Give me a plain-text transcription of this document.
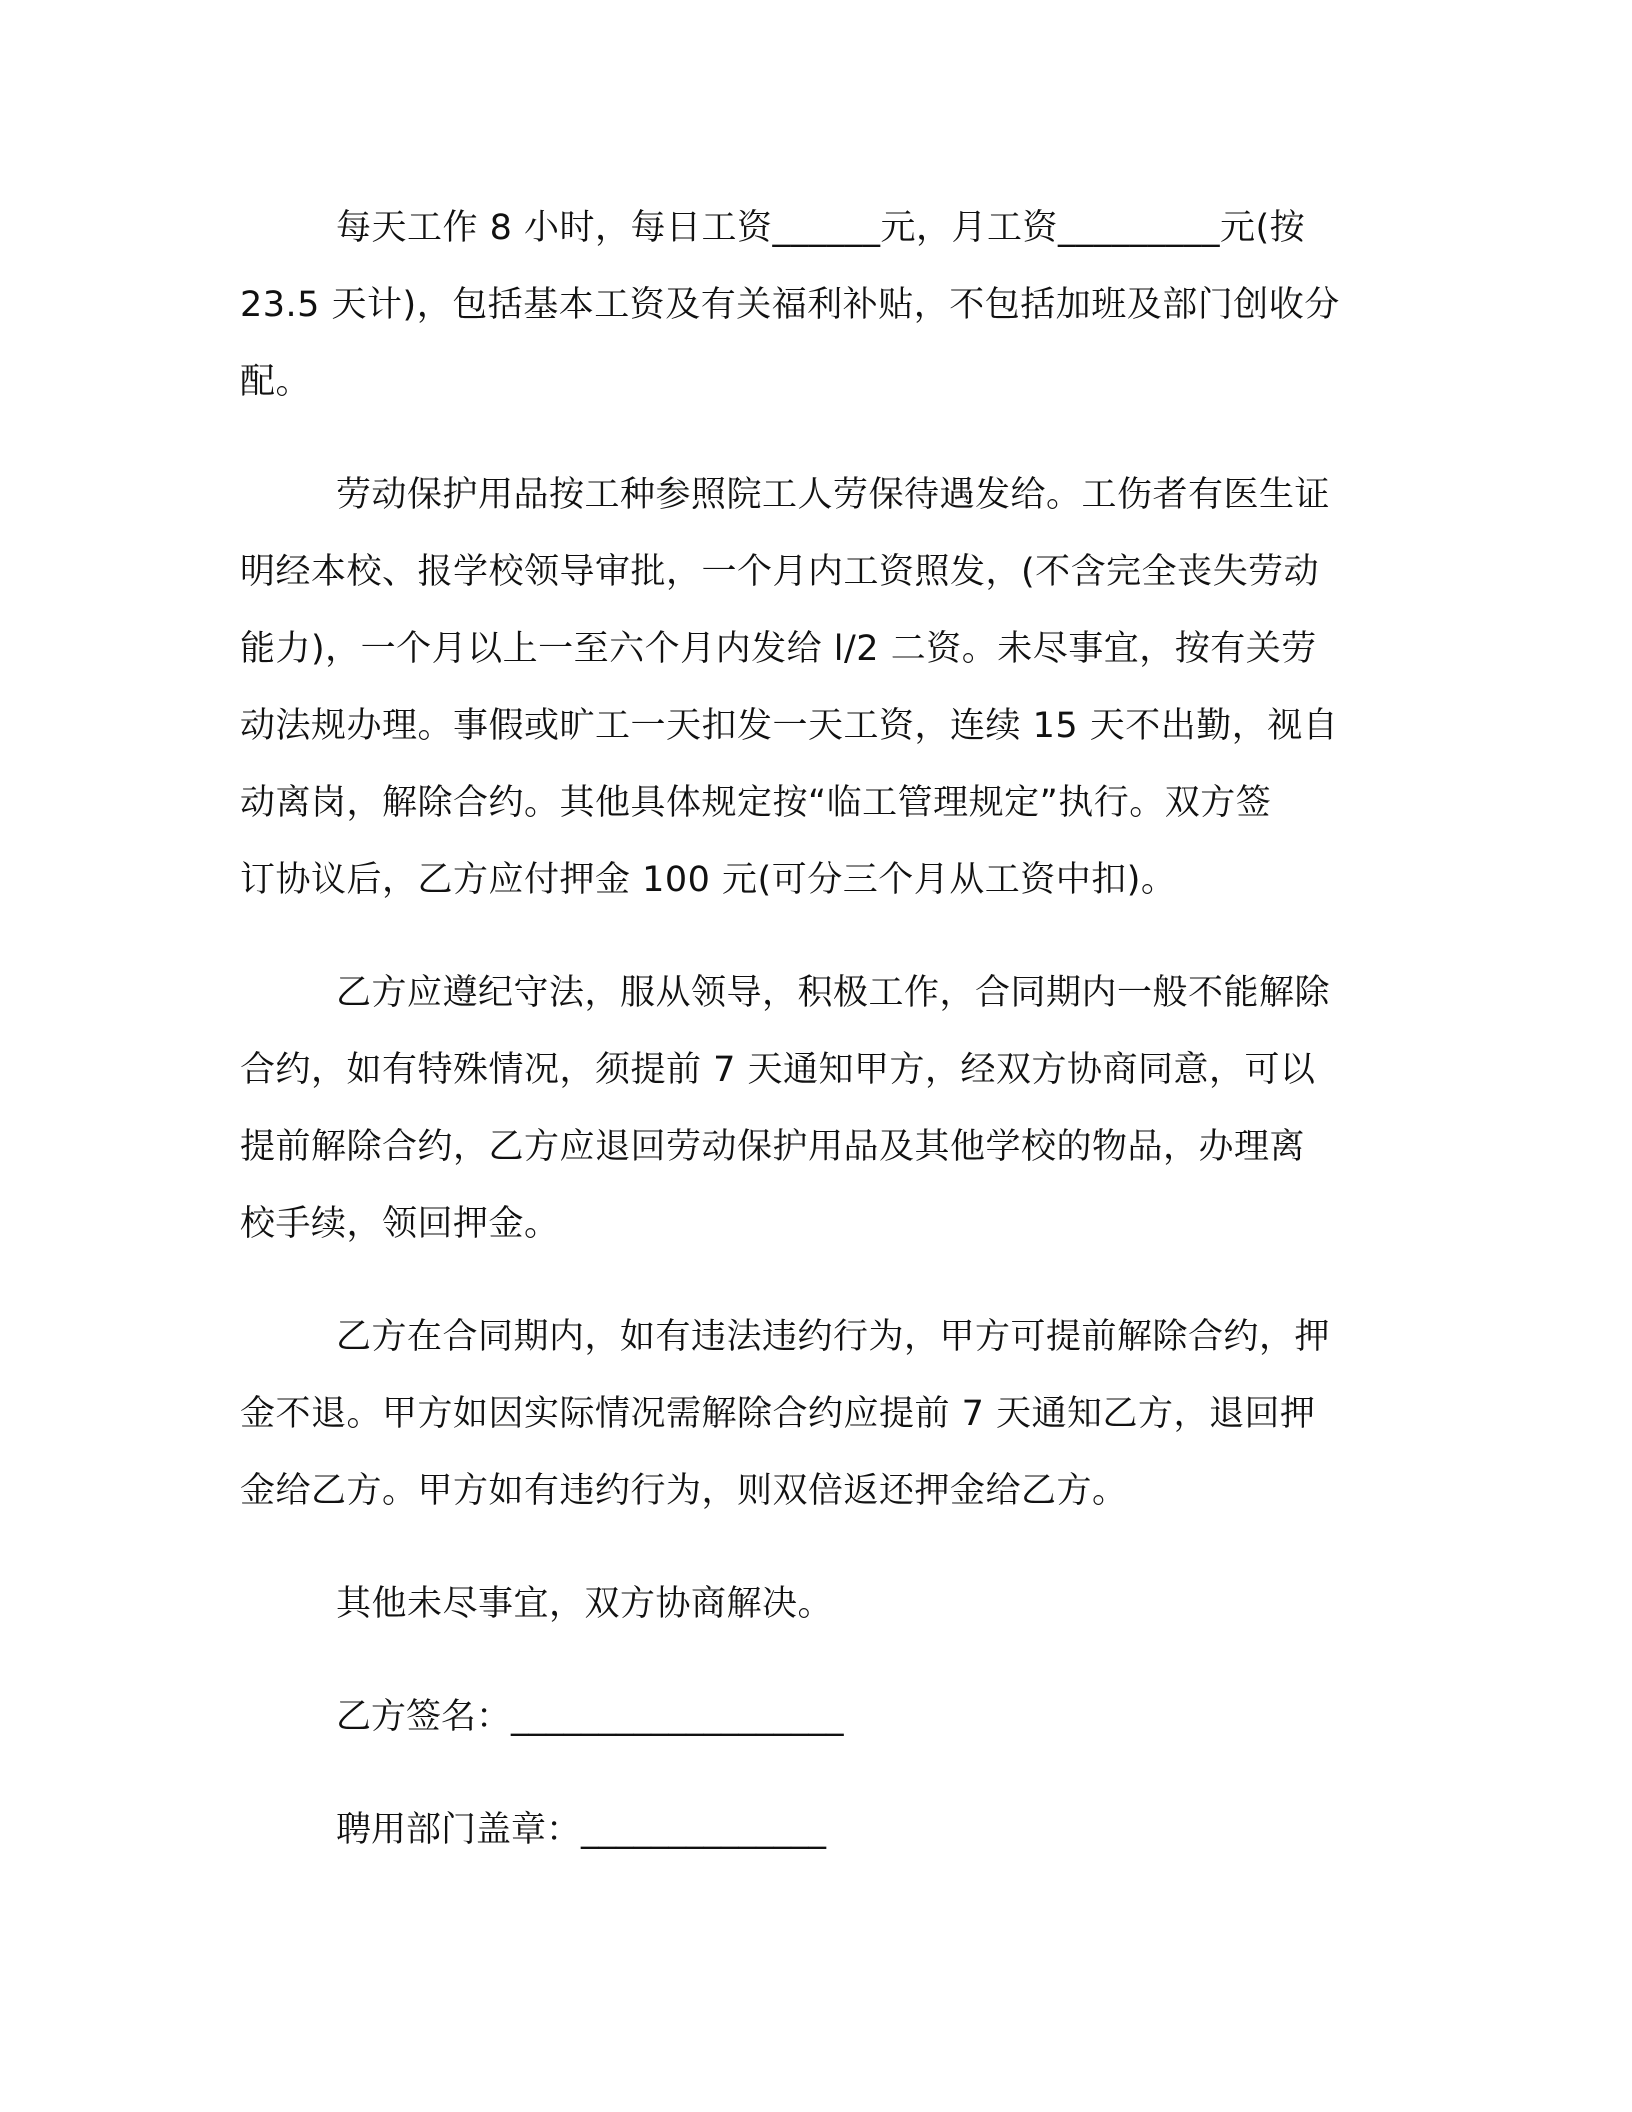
每天工作 8 小时，每日工资______元，月工资_________元(按
23.5 天计)，包括基本工资及有关福利补贴，不包括加班及部门创收分
配。
劳动保护用品按工种参照院工人劳保待遇发给。工伤者有医生证
明经本校、报学校领导审批，一个月内工资照发，(不含完全丧失劳动
能力)，一个月以上一至六个月内发给 l/2 二资。未尽事宜，按有关劳
动法规办理。事假或旷工一天扣发一天工资，连续 15 天不出勤，视自
动离岗，解除合约。其他具体规定按“临工管理规定”执行。双方签
订协议后，乙方应付押金 100 元(可分三个月从工资中扣)。
乙方应遵纪守法，服从领导，积极工作，合同期内一般不能解除
合约，如有特殊情况，须提前 7 天通知甲方，经双方协商同意，可以
提前解除合约，乙方应退回劳动保护用品及其他学校的物品，办理离
校手续，领回押金。
乙方在合同期内，如有违法违约行为，甲方可提前解除合约，押
金不退。甲方如因实际情况需解除合约应提前 7 天通知乙方，退回押
金给乙方。甲方如有违约行为，则双倍返还押金给乙方。
其他未尽事宜，双方协商解决。
乙方签名：___________________
聘用部门盖章：______________
